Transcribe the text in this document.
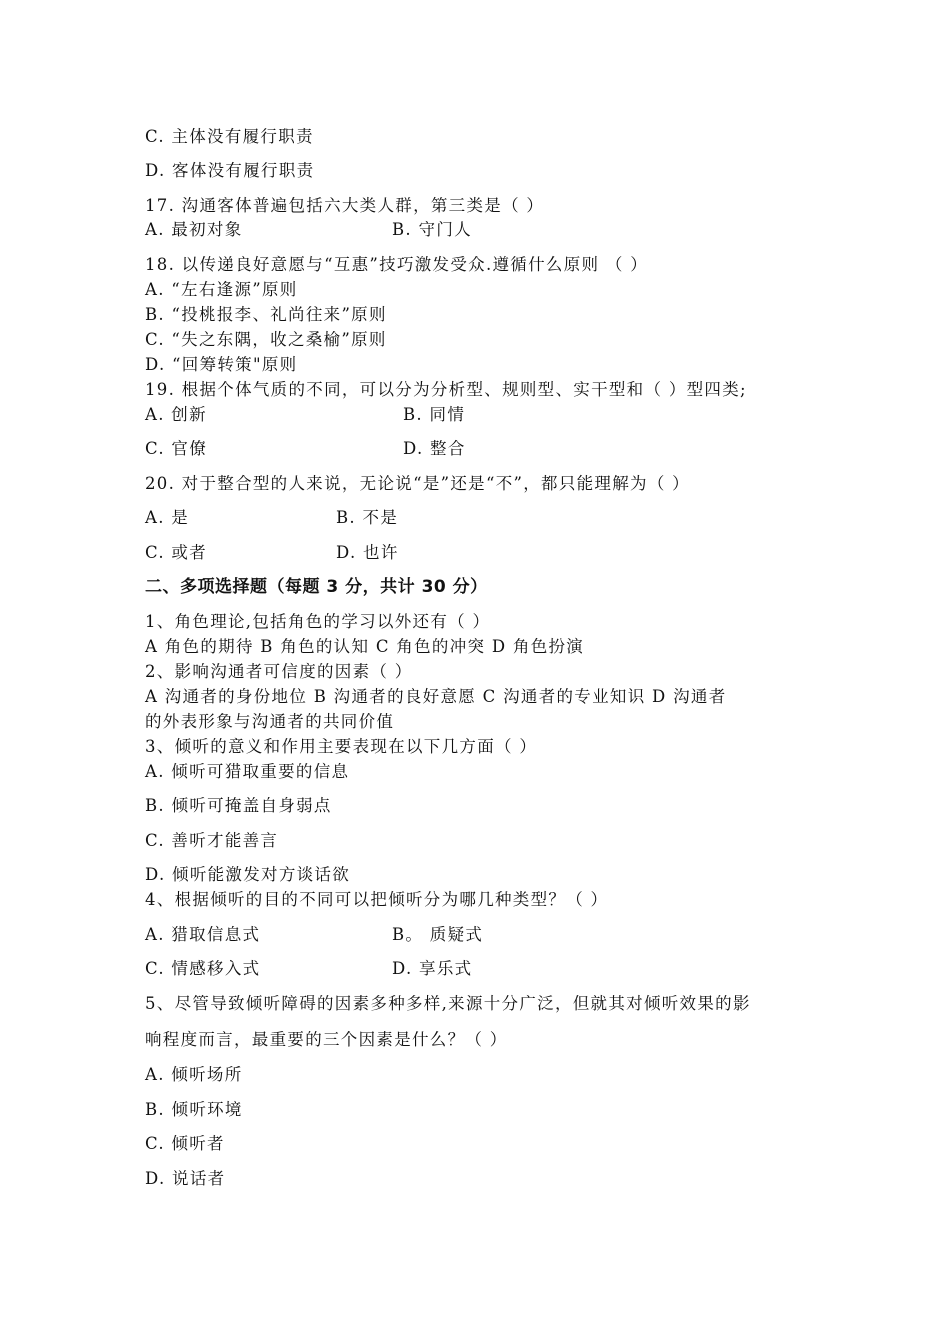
C. 主体没有履行职责
D. 客体没有履行职责
17. 沟通客体普遍包括六大类人群，第三类是（ ）
A. 最初对象	B. 守门人
18. 以传递良好意愿与“互惠”技巧激发受众.遵循什么原则 （ ）
A. “左右逢源”原则
B. “投桃报李、礼尚往来”原则
C. “失之东隅，收之桑榆”原则
D. “回筹转策"原则
19. 根据个体气质的不同，可以分为分析型、规则型、实干型和（ ）型四类;
A. 创新	B. 同情
C. 官僚	D. 整合
20. 对于整合型的人来说，无论说“是”还是“不”，都只能理解为（ ）
A. 是	B. 不是
C. 或者	D. 也许
二、多项选择题（每题 3 分，共计 30 分）
1、角色理论,包括角色的学习以外还有（ ）
A 角色的期待 B 角色的认知 C 角色的冲突 D 角色扮演
2、影响沟通者可信度的因素（ ）
A 沟通者的身份地位 B 沟通者的良好意愿 C 沟通者的专业知识 D 沟通者
的外表形象与沟通者的共同价值
3、倾听的意义和作用主要表现在以下几方面（ ）
A. 倾听可猎取重要的信息
B. 倾听可掩盖自身弱点
C. 善听才能善言
D. 倾听能激发对方谈话欲
4、根据倾听的目的不同可以把倾听分为哪几种类型？（ ）
A. 猎取信息式	B。 质疑式
C. 情感移入式	D. 享乐式
5、尽管导致倾听障碍的因素多种多样,来源十分广泛，但就其对倾听效果的影
响程度而言，最重要的三个因素是什么？（ ）
A. 倾听场所
B. 倾听环境
C. 倾听者
D. 说话者
